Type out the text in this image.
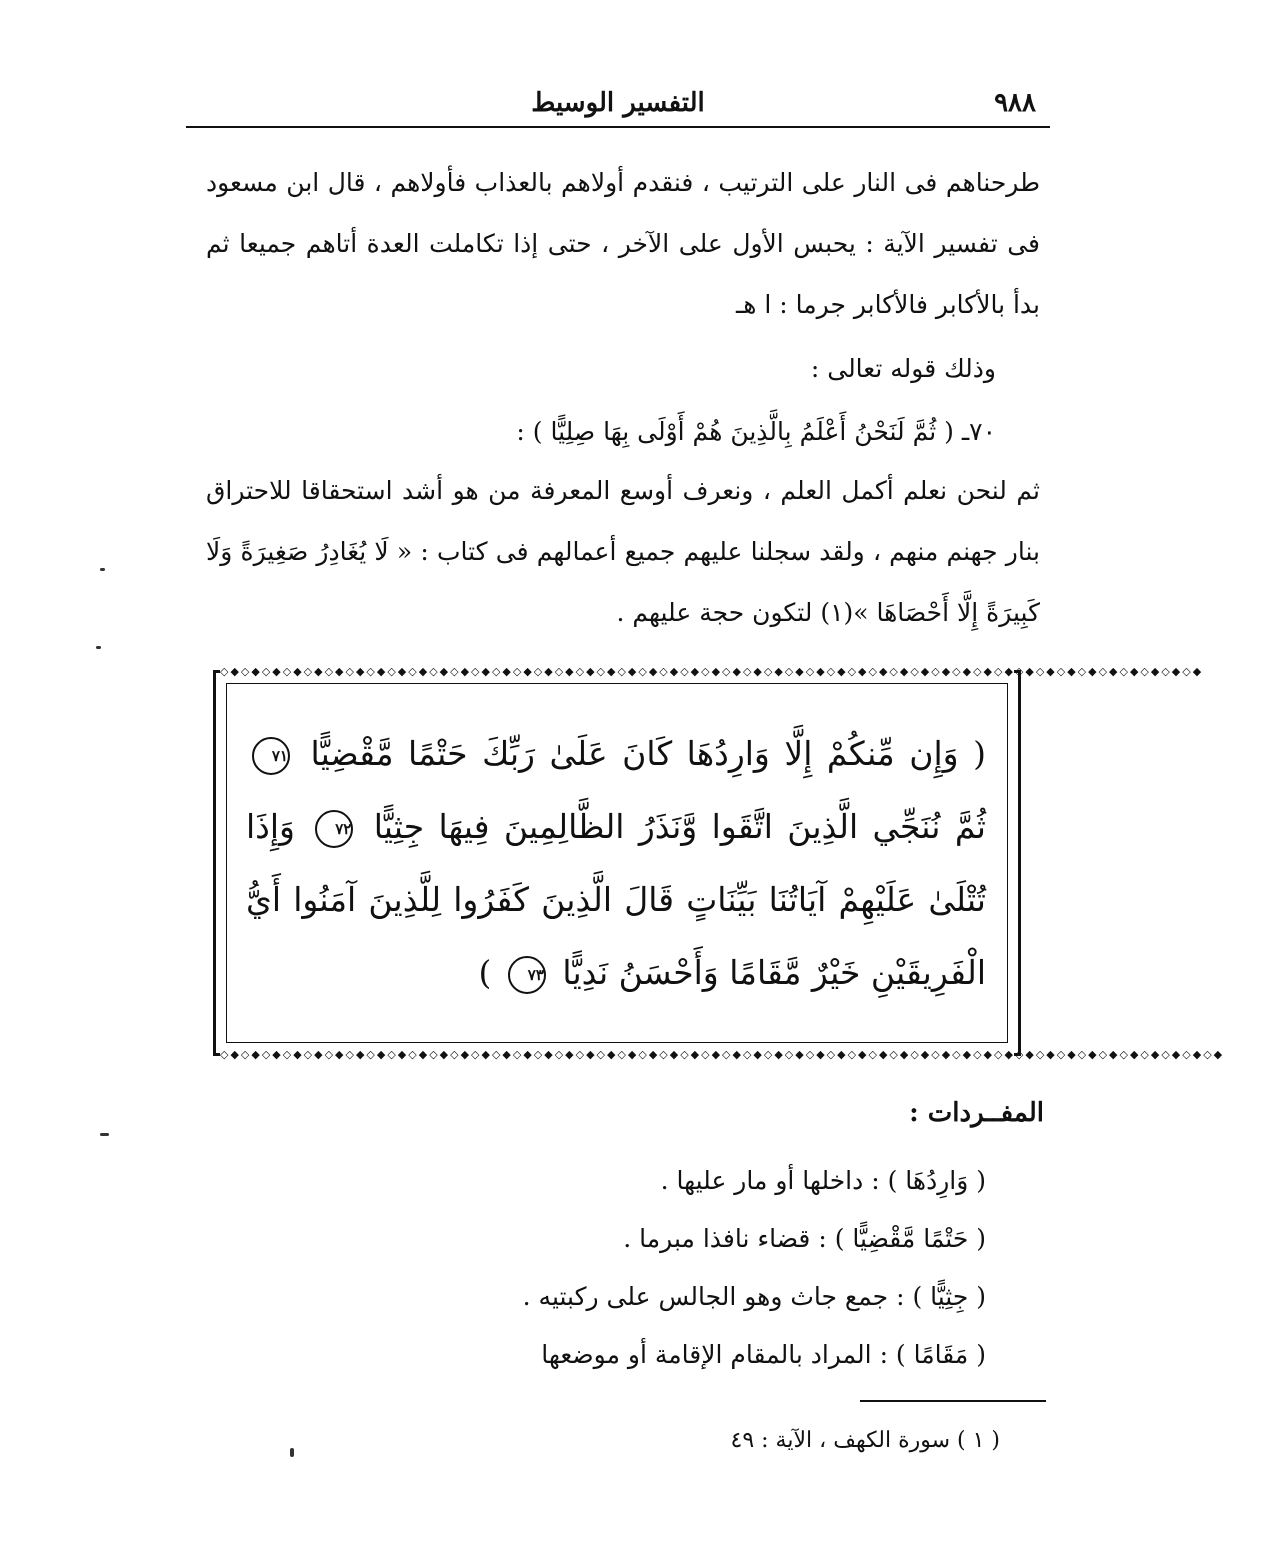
٩٨٨
التفسير الوسيط
طرحناهم فى النار على الترتيب ، فنقدم أولاهم بالعذاب فأولاهم ، قال ابن مسعود فى تفسير الآية : يحبس الأول على الآخر ، حتى إذا تكاملت العدة أتاهم جميعا ثم بدأ بالأكابر فالأكابر جرما : ا هـ
وذلك قوله تعالى :
٧٠ـ ( ثُمَّ لَنَحْنُ أَعْلَمُ بِالَّذِينَ هُمْ أَوْلَى بِهَا صِلِيًّا ) :
ثم لنحن نعلم أكمل العلم ، ونعرف أوسع المعرفة من هو أشد استحقاقا للاحتراق بنار جهنم منهم ، ولقد سجلنا عليهم جميع أعمالهم فى كتاب : « لَا يُغَادِرُ صَغِيرَةً وَلَا كَبِيرَةً إِلَّا أَحْصَاهَا »(١) لتكون حجة عليهم .
◇◆◇◆◇◆◇◆◇◆◇◆◇◆◇◆◇◆◇◆◇◆◇◆◇◆◇◆◇◆◇◆◇◆◇◆◇◆◇◆◇◆◇◆◇◆◇◆◇◆◇◆◇◆◇◆◇◆◇◆◇◆◇◆◇◆◇◆◇◆◇◆◇◆◇◆◇◆◇◆◇◆◇◆◇◆◇◆◇◆◇◆◇◆
◇◆◇◆◇◆◇◆◇◆◇◆◇◆◇◆◇◆◇◆◇◆◇◆◇◆◇◆◇◆◇◆◇◆◇◆◇◆◇◆◇◆◇◆◇◆◇◆◇◆◇◆◇◆◇◆◇◆◇◆◇◆◇◆◇◆◇◆◇◆◇◆◇◆◇◆◇◆◇◆◇◆◇◆◇◆◇◆◇◆◇◆◇◆◇◆
( وَإِن مِّنكُمْ إِلَّا وَارِدُهَا كَانَ عَلَىٰ رَبِّكَ حَتْمًا مَّقْضِيًّا ٧١ ثُمَّ نُنَجِّي الَّذِينَ اتَّقَوا وَّنَذَرُ الظَّالِمِينَ فِيهَا جِثِيًّا ٧٢ وَإِذَا تُتْلَىٰ عَلَيْهِمْ آيَاتُنَا بَيِّنَاتٍ قَالَ الَّذِينَ كَفَرُوا لِلَّذِينَ آمَنُوا أَيُّ الْفَرِيقَيْنِ خَيْرٌ مَّقَامًا وَأَحْسَنُ نَدِيًّا ٧٣ )
المفــردات :
( وَارِدُهَا ) : داخلها أو مار عليها .
( حَتْمًا مَّقْضِيًّا ) : قضاء نافذا مبرما .
( جِثِيًّا ) : جمع جاث وهو الجالس على ركبتيه .
( مَقَامًا ) : المراد بالمقام الإقامة أو موضعها
( ١ ) سورة الكهف ، الآية : ٤٩
